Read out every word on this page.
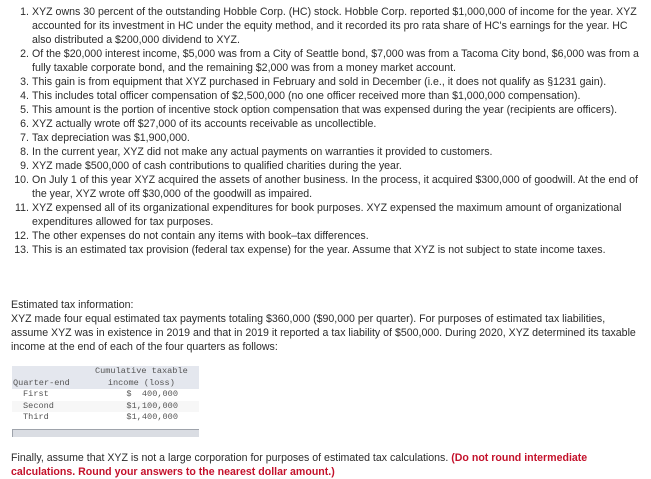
1. XYZ owns 30 percent of the outstanding Hobble Corp. (HC) stock. Hobble Corp. reported $1,000,000 of income for the year. XYZ accounted for its investment in HC under the equity method, and it recorded its pro rata share of HC's earnings for the year. HC also distributed a $200,000 dividend to XYZ.
2. Of the $20,000 interest income, $5,000 was from a City of Seattle bond, $7,000 was from a Tacoma City bond, $6,000 was from a fully taxable corporate bond, and the remaining $2,000 was from a money market account.
3. This gain is from equipment that XYZ purchased in February and sold in December (i.e., it does not qualify as §1231 gain).
4. This includes total officer compensation of $2,500,000 (no one officer received more than $1,000,000 compensation).
5. This amount is the portion of incentive stock option compensation that was expensed during the year (recipients are officers).
6. XYZ actually wrote off $27,000 of its accounts receivable as uncollectible.
7. Tax depreciation was $1,900,000.
8. In the current year, XYZ did not make any actual payments on warranties it provided to customers.
9. XYZ made $500,000 of cash contributions to qualified charities during the year.
10. On July 1 of this year XYZ acquired the assets of another business. In the process, it acquired $300,000 of goodwill. At the end of the year, XYZ wrote off $30,000 of the goodwill as impaired.
11. XYZ expensed all of its organizational expenditures for book purposes. XYZ expensed the maximum amount of organizational expenditures allowed for tax purposes.
12. The other expenses do not contain any items with book–tax differences.
13. This is an estimated tax provision (federal tax expense) for the year. Assume that XYZ is not subject to state income taxes.

Estimated tax information:

XYZ made four equal estimated tax payments totaling $360,000 ($90,000 per quarter). For purposes of estimated tax liabilities, assume XYZ was in existence in 2019 and that in 2019 it reported a tax liability of $500,000. During 2020, XYZ determined its taxable income at the end of each of the four quarters as follows:

Quarter-end	Cumulative taxable
	income (loss)
First	$  400,000
Second	$1,100,000
Third	$1,400,000

Finally, assume that XYZ is not a large corporation for purposes of estimated tax calculations. (Do not round intermediate calculations. Round your answers to the nearest dollar amount.)
